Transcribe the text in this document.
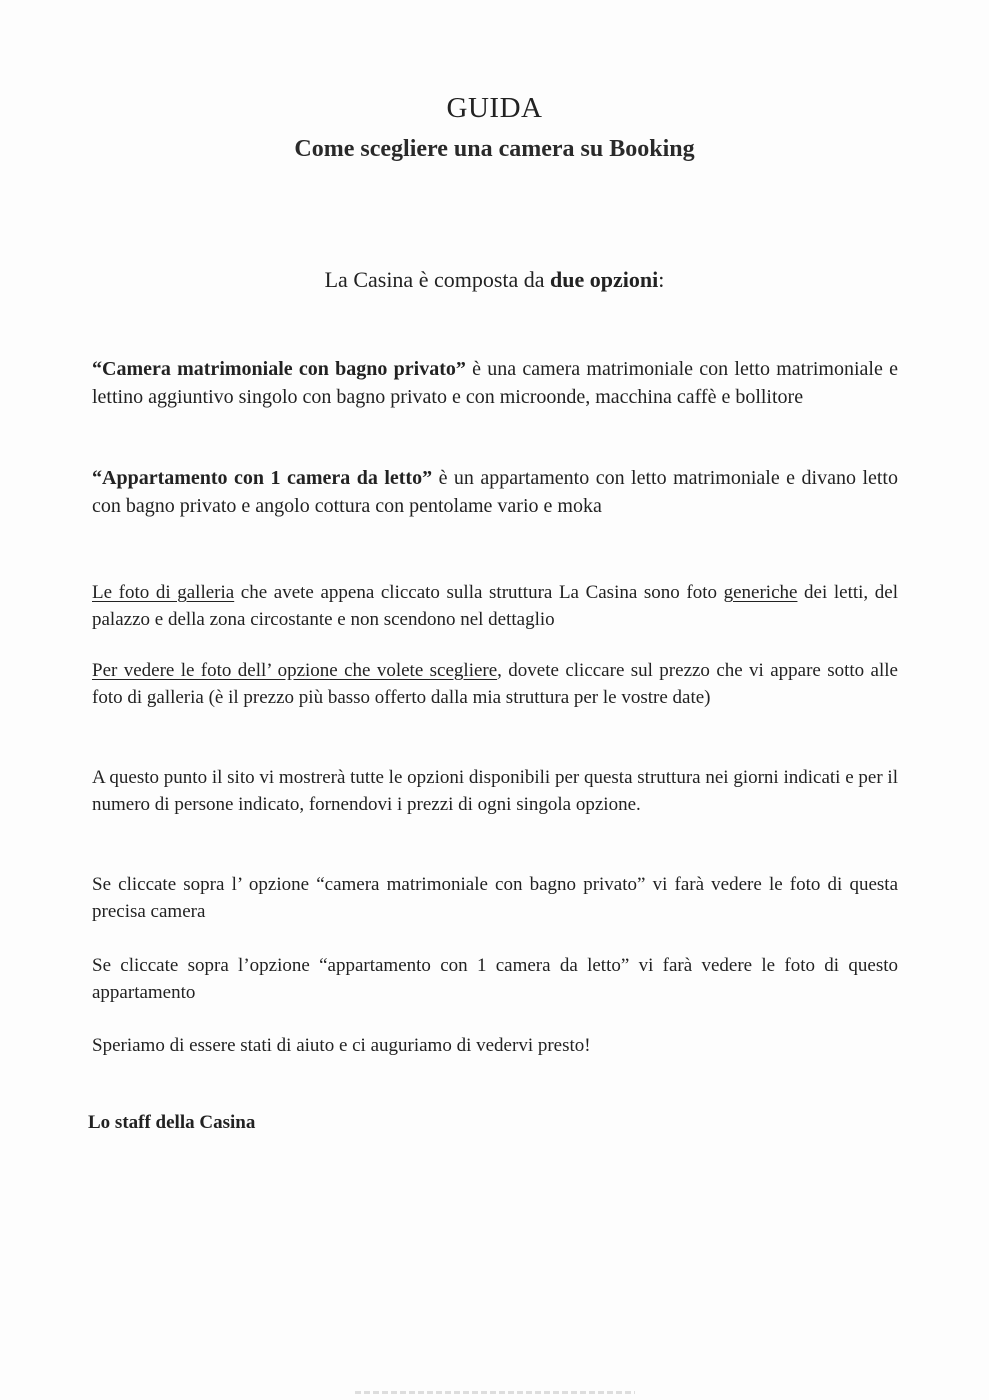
GUIDA
Come scegliere una camera su Booking

La Casina è composta da due opzioni:

“Camera matrimoniale con bagno privato” è una camera matrimoniale con letto matrimoniale e lettino aggiuntivo singolo con bagno privato e con microonde, macchina caffè e bollitore

“Appartamento con 1 camera da letto” è un appartamento con letto matrimoniale e divano letto con bagno privato e angolo cottura con pentolame vario e moka

Le foto di galleria che avete appena cliccato sulla struttura La Casina sono foto generiche dei letti, del palazzo e della zona circostante e non scendono nel dettaglio

Per vedere le foto dell’ opzione che volete scegliere, dovete cliccare sul prezzo che vi appare sotto alle foto di galleria (è il prezzo più basso offerto dalla mia struttura per le vostre date)

A questo punto il sito vi mostrerà tutte le opzioni disponibili per questa struttura nei giorni indicati e per il numero di persone indicato, fornendovi i prezzi di ogni singola opzione.

Se cliccate sopra l’ opzione “camera matrimoniale con bagno privato” vi farà vedere le foto di questa precisa camera

Se cliccate sopra l’opzione “appartamento con 1 camera da letto” vi farà vedere le foto di questo appartamento

Speriamo di essere stati di aiuto e ci auguriamo di vedervi presto!

Lo staff della Casina
